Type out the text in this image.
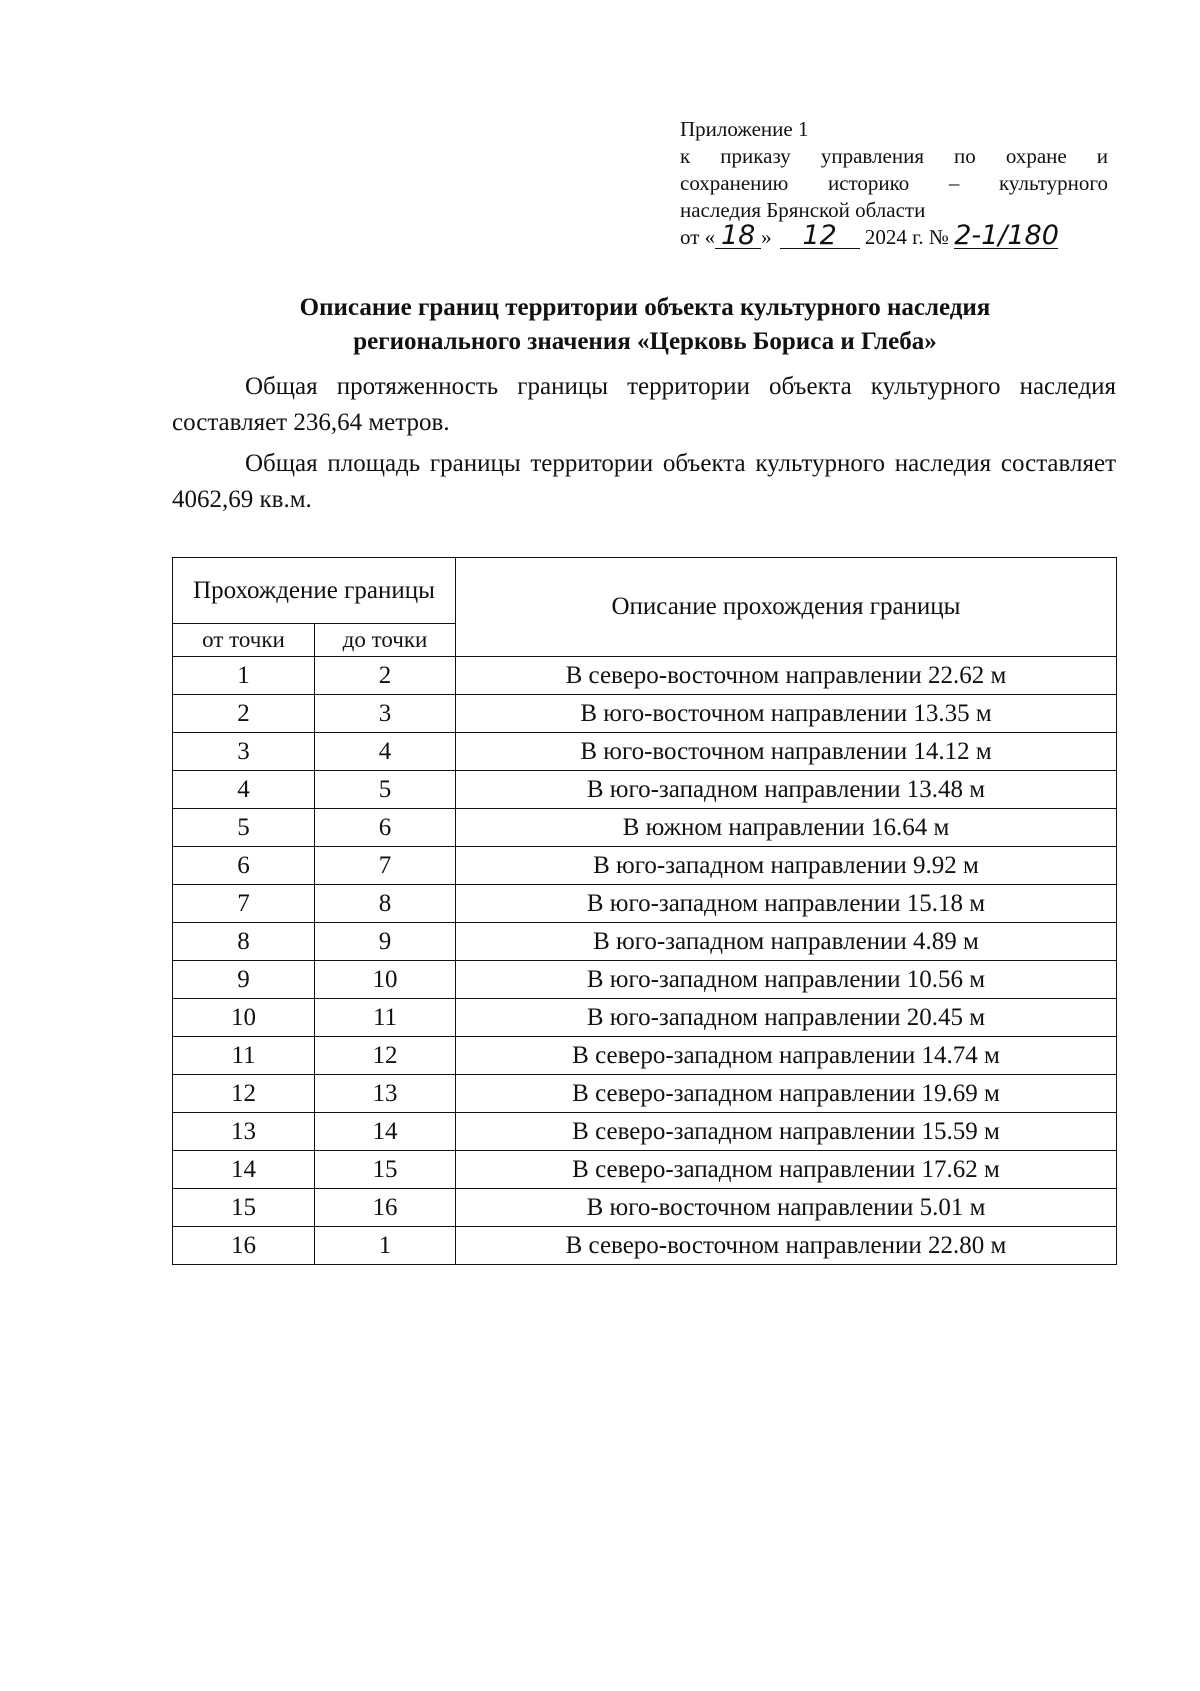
Приложение 1
к приказу управления по охране и
сохранению историко – культурного
наследия Брянской области
от « 18 » 12 2024 г. № 2-1/180
Описание границ территории объекта культурного наследия
регионального значения «Церковь Бориса и Глеба»

Общая протяженность границы территории объекта культурного наследия составляет 236,64 метров.

Общая площадь границы территории объекта культурного наследия составляет 4062,69 кв.м.

Прохождение границы		Описание прохождения границы
от точки	до точки	
1	2	В северо-восточном направлении 22.62 м
2	3	В юго-восточном направлении 13.35 м
3	4	В юго-восточном направлении 14.12 м
4	5	В юго-западном направлении 13.48 м
5	6	В южном направлении 16.64 м
6	7	В юго-западном направлении 9.92 м
7	8	В юго-западном направлении 15.18 м
8	9	В юго-западном направлении 4.89 м
9	10	В юго-западном направлении 10.56 м
10	11	В юго-западном направлении 20.45 м
11	12	В северо-западном направлении 14.74 м
12	13	В северо-западном направлении 19.69 м
13	14	В северо-западном направлении 15.59 м
14	15	В северо-западном направлении 17.62 м
15	16	В юго-восточном направлении 5.01 м
16	1	В северо-восточном направлении 22.80 м
